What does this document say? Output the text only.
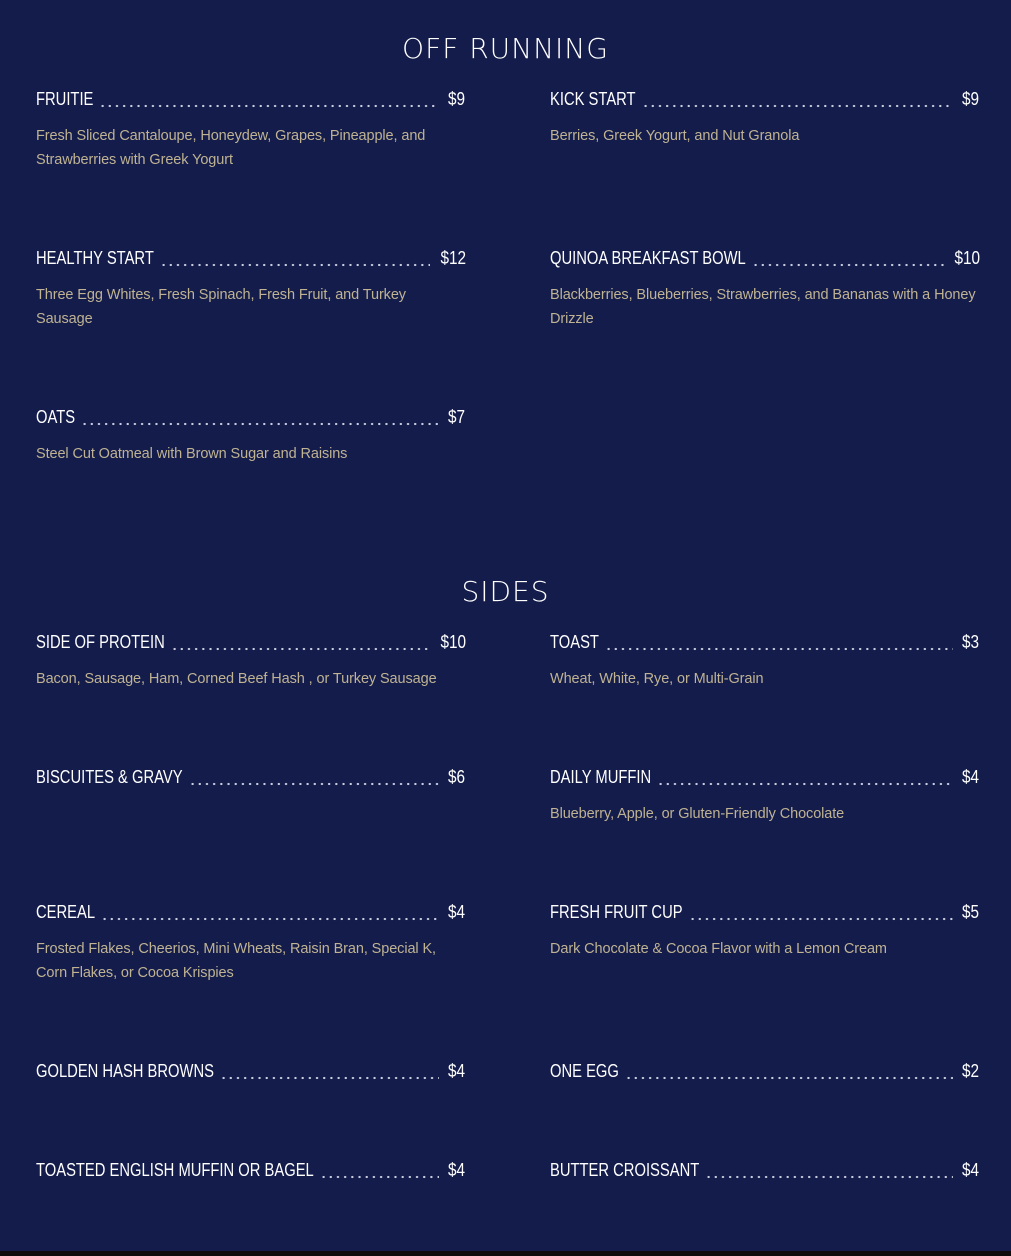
OFF RUNNING
FRUITIE	$9
Fresh Sliced Cantaloupe, Honeydew, Grapes, Pineapple, and Strawberries with Greek Yogurt
KICK START	$9
Berries, Greek Yogurt, and Nut Granola
HEALTHY START	$12
Three Egg Whites, Fresh Spinach, Fresh Fruit, and Turkey Sausage
QUINOA BREAKFAST BOWL	$10
Blackberries, Blueberries, Strawberries, and Bananas with a Honey Drizzle
OATS	$7
Steel Cut Oatmeal with Brown Sugar and Raisins
SIDES
SIDE OF PROTEIN	$10
Bacon, Sausage, Ham, Corned Beef Hash , or Turkey Sausage
TOAST	$3
Wheat, White, Rye, or Multi-Grain
BISCUITES & GRAVY	$6	DAILY MUFFIN	$4
Blueberry, Apple, or Gluten-Friendly Chocolate
CEREAL	$4
Frosted Flakes, Cheerios, Mini Wheats, Raisin Bran, Special K, Corn Flakes, or Cocoa Krispies
FRESH FRUIT CUP	$5
Dark Chocolate & Cocoa Flavor with a Lemon Cream
GOLDEN HASH BROWNS	$4	ONE EGG	$2
TOASTED ENGLISH MUFFIN OR BAGEL	$4	BUTTER CROISSANT	$4
